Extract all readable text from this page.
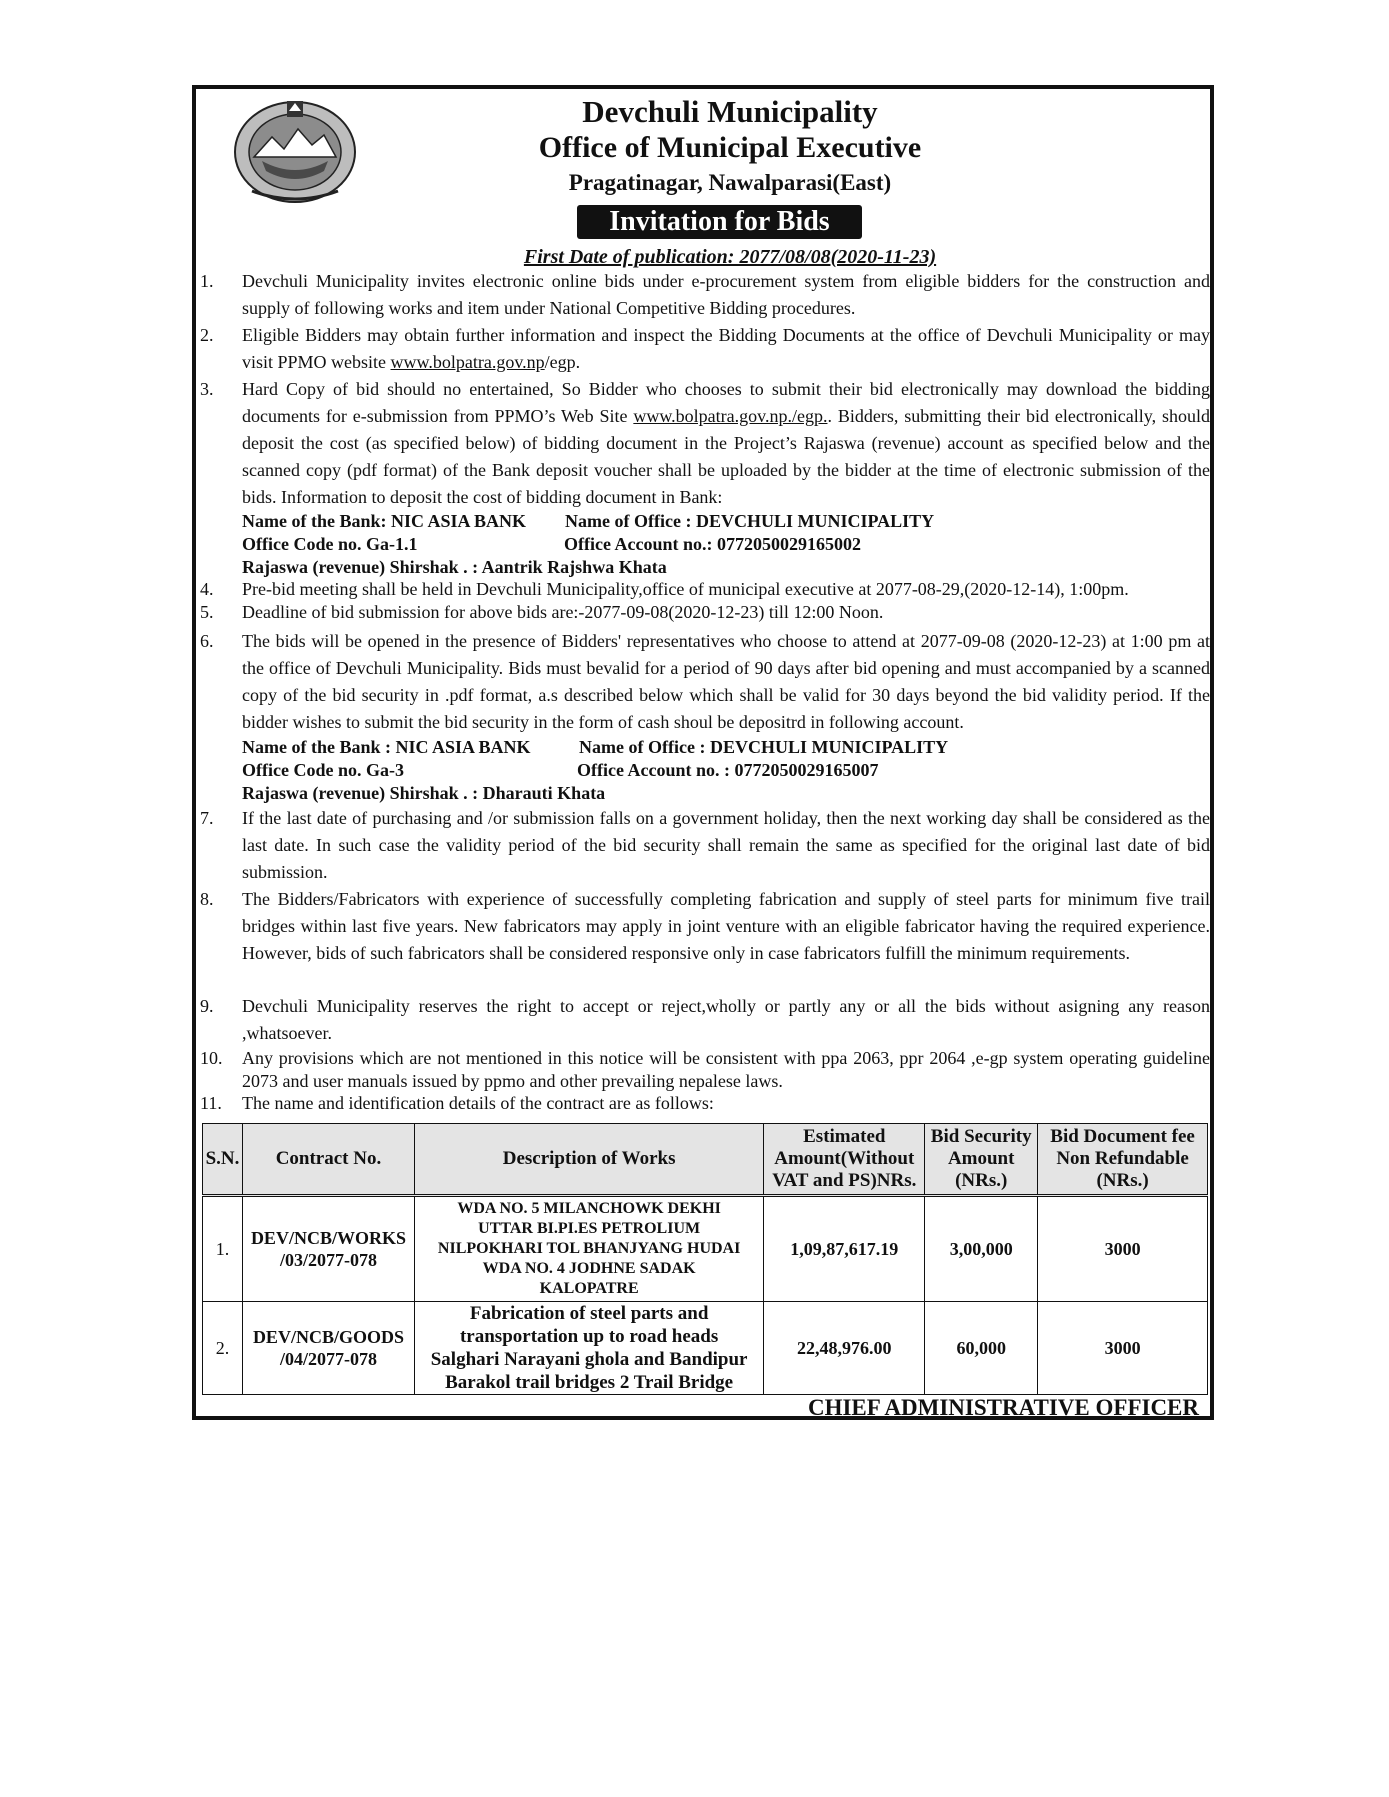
Devchuli Municipality
Office of Municipal Executive
Pragatinagar, Nawalparasi(East)
Invitation for Bids
First Date of publication: 2077/08/08(2020-11-23)
1.	Devchuli Municipality invites electronic online bids under e-procurement system from eligible bidders for the construction and supply of following works and item under National Competitive Bidding procedures.
2.	Eligible Bidders may obtain further information and inspect the Bidding Documents at the office of Devchuli Municipality or may visit PPMO website www.bolpatra.gov.np/egp.
3.	Hard Copy of bid should no entertained, So Bidder who chooses to submit their bid electronically may download the bidding documents for e-submission from PPMO’s Web Site www.bolpatra.gov.np./egp.. Bidders, submitting their bid electronically, should deposit the cost (as specified below) of bidding document in the Project’s Rajaswa (revenue) account as specified below and the scanned copy (pdf format) of the Bank deposit voucher shall be uploaded by the bidder at the time of electronic submission of the bids. Information to deposit the cost of bidding document in Bank:
Name of the Bank: NIC ASIA BANK Name of Office : DEVCHULI MUNICIPALITY
Office Code no. Ga-1.1	Office Account no.: 0772050029165002
Rajaswa (revenue) Shirshak . : Aantrik Rajshwa Khata
4.	Pre-bid meeting shall be held in Devchuli Municipality,office of municipal executive at 2077-08-29,(2020-12-14), 1:00pm.
5.	Deadline of bid submission for above bids are:-2077-09-08(2020-12-23) till 12:00 Noon.
6.	The bids will be opened in the presence of Bidders' representatives who choose to attend at 2077-09-08 (2020-12-23) at 1:00 pm at the office of Devchuli Municipality. Bids must bevalid for a period of 90 days after bid opening and must accompanied by a scanned copy of the bid security in .pdf format, a.s described below which shall be valid for 30 days beyond the bid validity period. If the bidder wishes to submit the bid security in the form of cash shoul be depositrd in following account.
Name of the Bank : NIC ASIA BANK	Name of Office : DEVCHULI MUNICIPALITY
Office Code no. Ga-3	Office Account no. : 0772050029165007
Rajaswa (revenue) Shirshak . : Dharauti Khata
7.	If the last date of purchasing and /or submission falls on a government holiday, then the next working day shall be considered as the last date. In such case the validity period of the bid security shall remain the same as specified for the original last date of bid submission.
8.	The Bidders/Fabricators with experience of successfully completing fabrication and supply of steel parts for minimum five trail bridges within last five years. New fabricators may apply in joint venture with an eligible fabricator having the required experience. However, bids of such fabricators shall be considered responsive only in case fabricators fulfill the minimum requirements.
9.	Devchuli Municipality reserves the right to accept or reject,wholly or partly any or all the bids without asigning any reason ,whatsoever.
10.	Any provisions which are not mentioned in this notice will be consistent with ppa 2063, ppr 2064 ,e-gp system operating guideline 2073 and user manuals issued by ppmo and other prevailing nepalese laws.
11.	The name and identification details of the contract are as follows:
S.N.	Contract No.	Description of Works	Estimated
Amount(Without
VAT and PS)NRs.	Bid Security
Amount
(NRs.)	Bid Document fee
Non Refundable
(NRs.)
1.	DEV/NCB/WORKS
/03/2077-078	WDA NO. 5 MILANCHOWK DEKHI
UTTAR BI.PI.ES PETROLIUM
NILPOKHARI TOL BHANJYANG HUDAI
WDA NO. 4 JODHNE SADAK
KALOPATRE	1,09,87,617.19	3,00,000	3000
2.	DEV/NCB/GOODS
/04/2077-078	Fabrication of steel parts and
transportation up to road heads
Salghari Narayani ghola and Bandipur
Barakol trail bridges 2 Trail Bridge	22,48,976.00	60,000	3000
CHIEF ADMINISTRATIVE OFFICER
